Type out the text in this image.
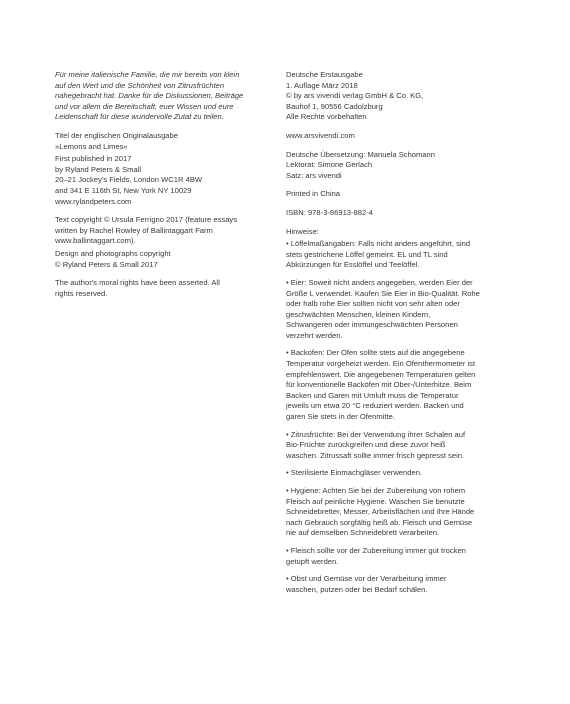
Für meine italienische Familie, die mir bereits von klein
auf den Wert und die Schönheit von Zitrusfrüchten
nahegebracht hat. Danke für die Diskussionen, Beiträge
und vor allem die Bereitschaft, euer Wissen und eure
Leidenschaft für diese wundervolle Zutat zu teilen.
Titel der englischen Originalausgabe
»Lemons and Limes«
First published in 2017
by Ryland Peters & Small
20–21 Jockey's Fields, London WC1R 4BW
and 341 E 116th St, New York NY 10029
www.rylandpeters.com
Text copyright © Ursula Ferrigno 2017 (feature essays
written by Rachel Rowley of Ballintaggart Farm
www.ballintaggart.com).
Design and photographs copyright
© Ryland Peters & Small 2017
The author's moral rights have been asserted. All
rights reserved.
Deutsche Erstausgabe
1. Auflage März 2018
© by ars vivendi verlag GmbH & Co. KG,
Bauhof 1, 90556 Cadolzburg
Alle Rechte vorbehalten
www.arsvivendi.com
Deutsche Übersetzung: Manuela Schomann
Lektorat: Simone Gerlach
Satz: ars vivendi
Printed in China
ISBN: 978-3-86913-882-4
Hinweise:
• Löffelmaßangaben: Falls nicht anders angeführt, sind
stets gestrichene Löffel gemeint. EL und TL sind
Abkürzungen für Esslöffel und Teelöffel.
• Eier: Soweit nicht anders angegeben, werden Eier der
Größe L verwendet. Kaufen Sie Eier in Bio-Qualität. Rohe
oder halb rohe Eier sollten nicht von sehr alten oder
geschwächten Menschen, kleinen Kindern,
Schwangeren oder immungeschwächten Personen
verzehrt werden.
• Backofen: Der Ofen sollte stets auf die angegebene
Temperatur vorgeheizt werden. Ein Ofenthermometer ist
empfehlenswert. Die angegebenen Temperaturen gelten
für konventionelle Backöfen mit Ober-/Unterhitze. Beim
Backen und Garen mit Umluft muss die Temperatur
jeweils um etwa 20 °C reduziert werden. Backen und
garen Sie stets in der Ofenmitte.
• Zitrusfrüchte: Bei der Verwendung ihrer Schalen auf
Bio-Früchte zurückgreifen und diese zuvor heiß
waschen. Zitrussaft sollte immer frisch gepresst sein.
• Sterilisierte Einmachgläser verwenden.
• Hygiene: Achten Sie bei der Zubereitung von rohem
Fleisch auf peinliche Hygiene. Waschen Sie benutzte
Schneidebretter, Messer, Arbeitsflächen und Ihre Hände
nach Gebrauch sorgfältig heiß ab. Fleisch und Gemüse
nie auf demselben Schneidebrett verarbeiten.
• Fleisch sollte vor der Zubereitung immer gut trocken
getupft werden.
• Obst und Gemüse vor der Verarbeitung immer
waschen, putzen oder bei Bedarf schälen.
